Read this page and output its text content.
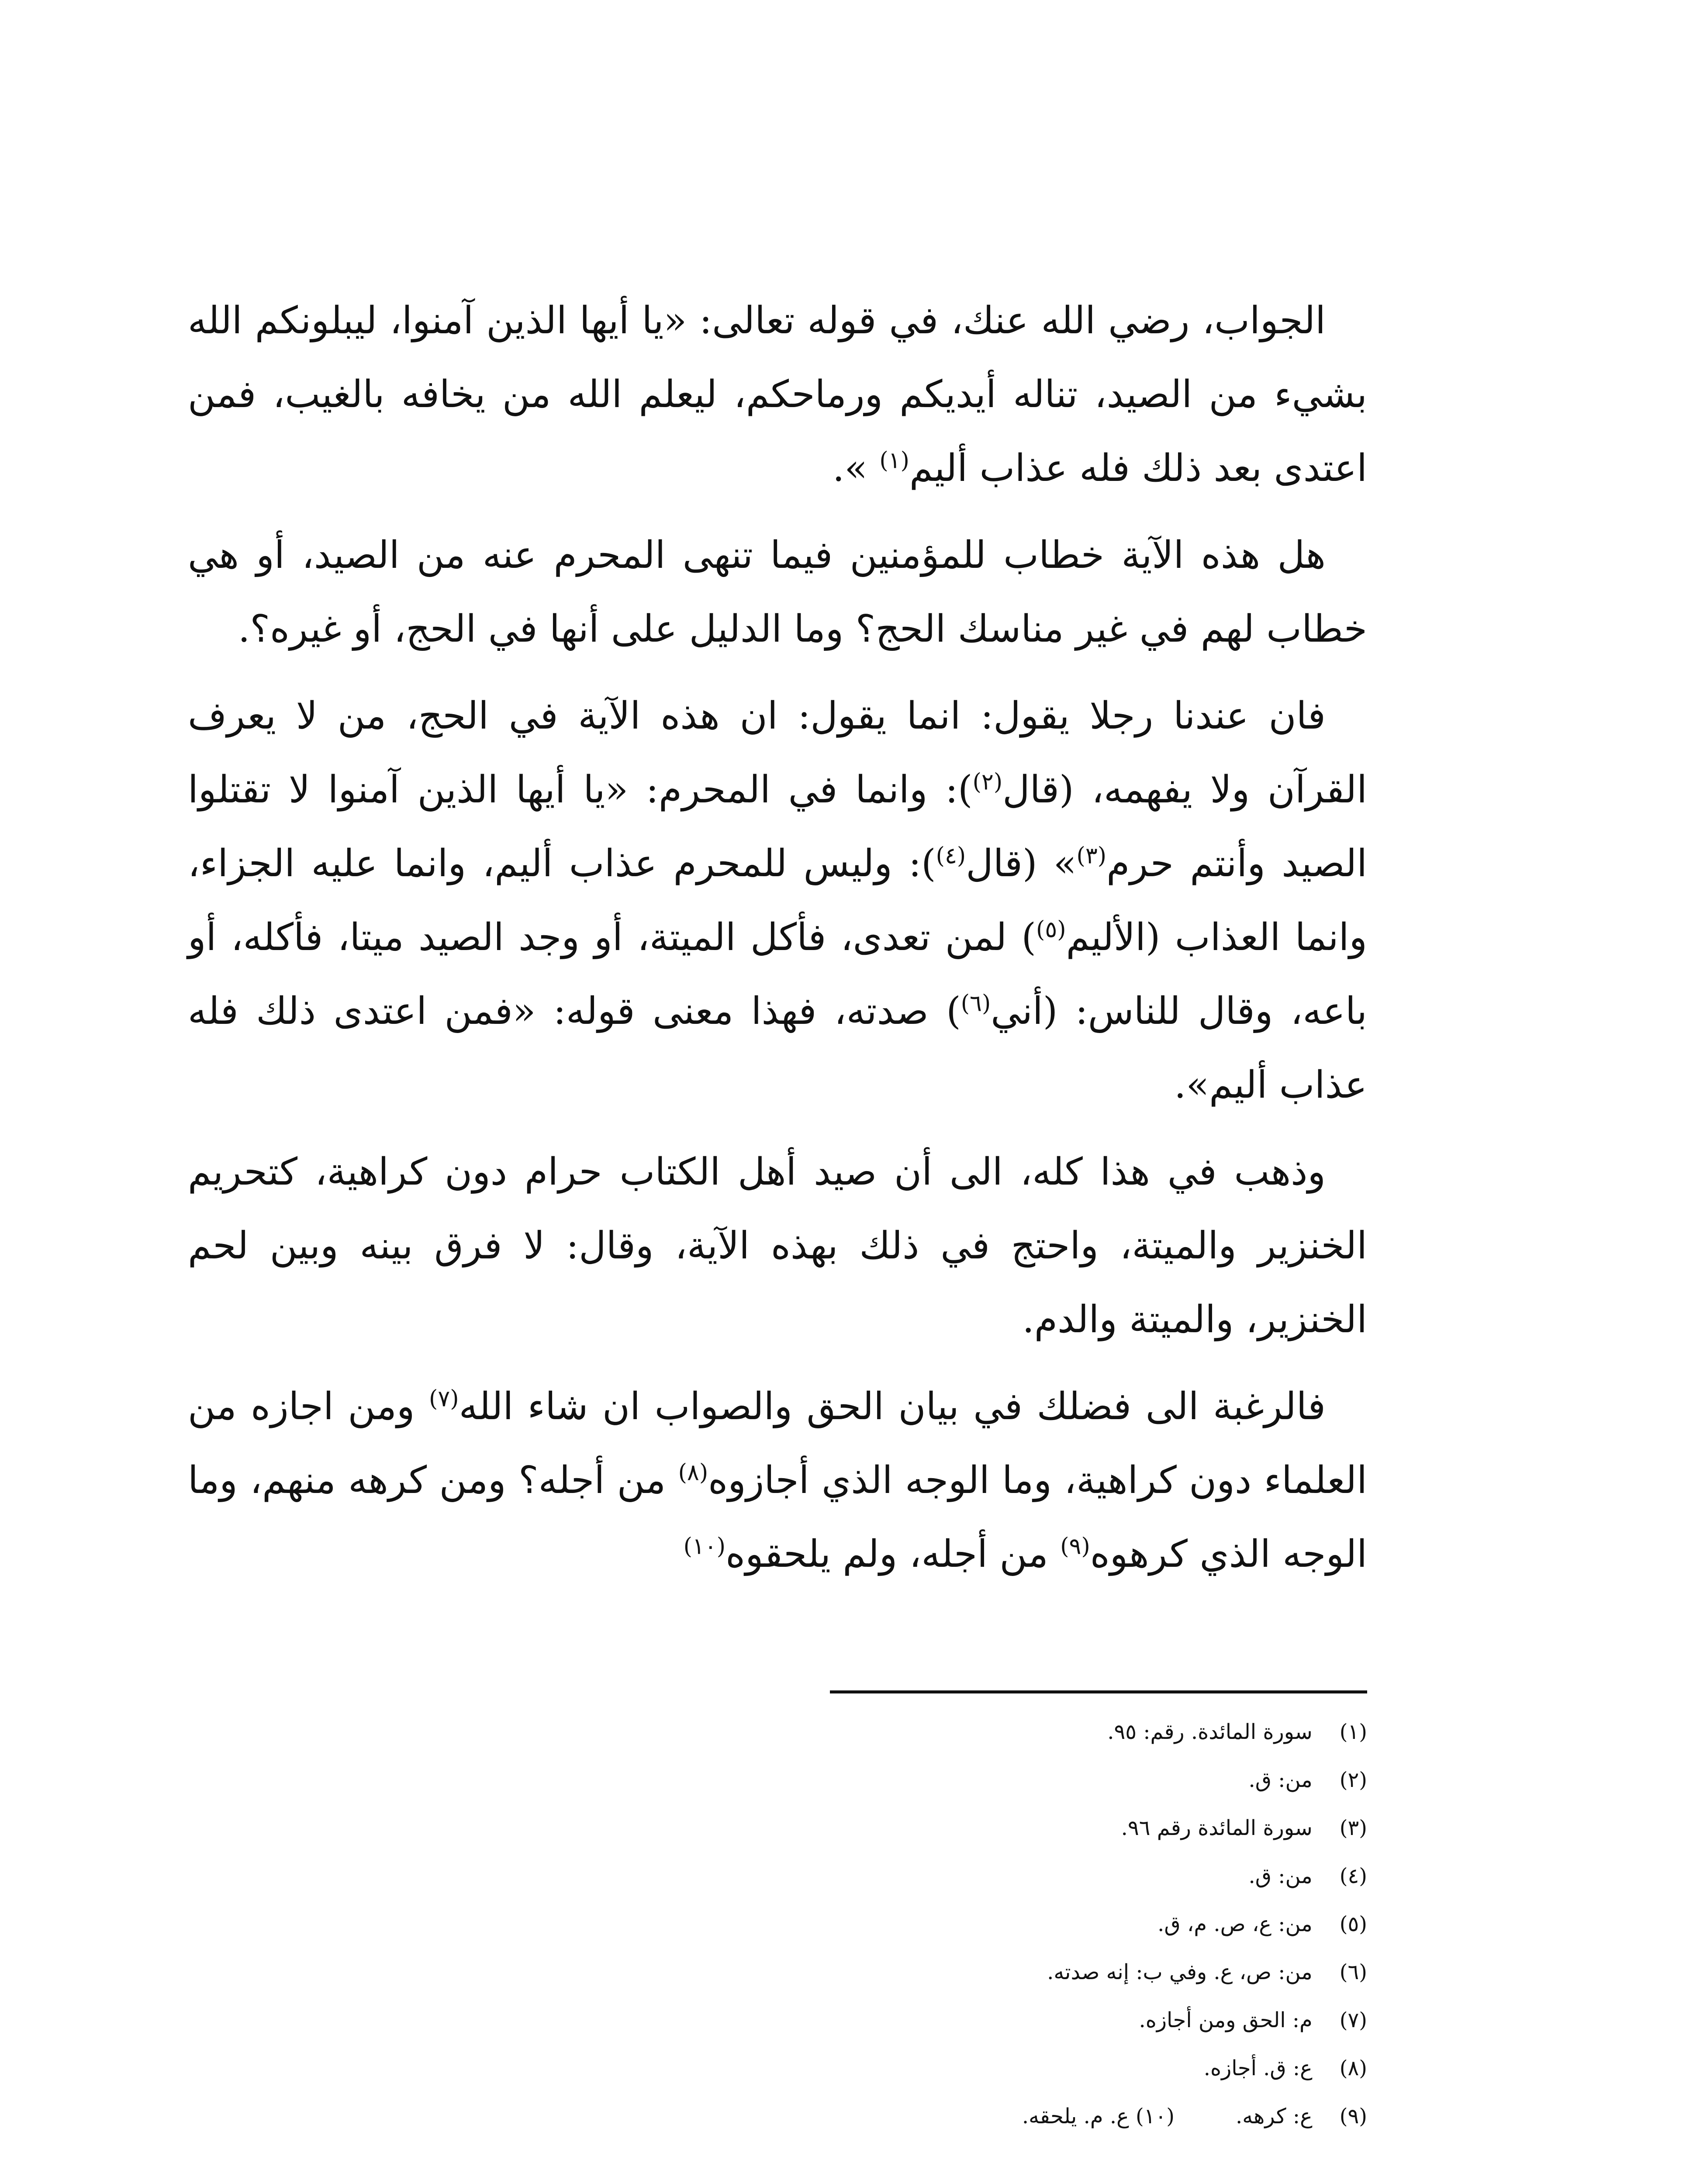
الجواب، رضي الله عنك، في قوله تعالى: «يا أيها الذين آمنوا، ليبلونكم الله بشيء من الصيد، تناله أيديكم ورماحكم، ليعلم الله من يخافه بالغيب، فمن اعتدى بعد ذلك فله عذاب أليم$^{(١)}$ ».

هل هذه الآية خطاب للمؤمنين فيما تنهى المحرم عنه من الصيد، أو هي خطاب لهم في غير مناسك الحج؟ وما الدليل على أنها في الحج، أو غيره؟.

فان عندنا رجلا يقول: انما يقول: ان هذه الآية في الحج، من لا يعرف القرآن ولا يفهمه، (قال$^{(٢)}$): وانما في المحرم: «يا أيها الذين آمنوا لا تقتلوا الصيد وأنتم حرم$^{(٣)}$» (قال$^{(٤)}$): وليس للمحرم عذاب أليم، وانما عليه الجزاء، وانما العذاب (الأليم$^{(٥)}$) لمن تعدى، فأكل الميتة، أو وجد الصيد ميتا، فأكله، أو باعه، وقال للناس: (أني$^{(٦)}$) صدته، فهذا معنى قوله: «فمن اعتدى ذلك فله عذاب أليم».

وذهب في هذا كله، الى أن صيد أهل الكتاب حرام دون كراهية، كتحريم الخنزير والميتة، واحتج في ذلك بهذه الآية، وقال: لا فرق بينه وبين لحم الخنزير، والميتة والدم.

فالرغبة الى فضلك في بيان الحق والصواب ان شاء الله$^{(٧)}$ ومن اجازه من العلماء دون كراهية، وما الوجه الذي أجازوه$^{(٨)}$ من أجله؟ ومن كرهه منهم، وما الوجه الذي كرهوه$^{(٩)}$ من أجله، ولم يلحقوه$^{(١٠)}$

(١) سورة المائدة. رقم: ٩٥.
(٢) من: ق.
(٣) سورة المائدة رقم ٩٦.
(٤) من: ق.
(٥) من: ع، ص. م، ق.
(٦) من: ص، ع. وفي ب: إنه صدته.
(٧) م: الحق ومن أجازه.
(٨) ع: ق. أجازه.
(٩) ع: كرهه.(١٠) ع. م. يلحقه.
